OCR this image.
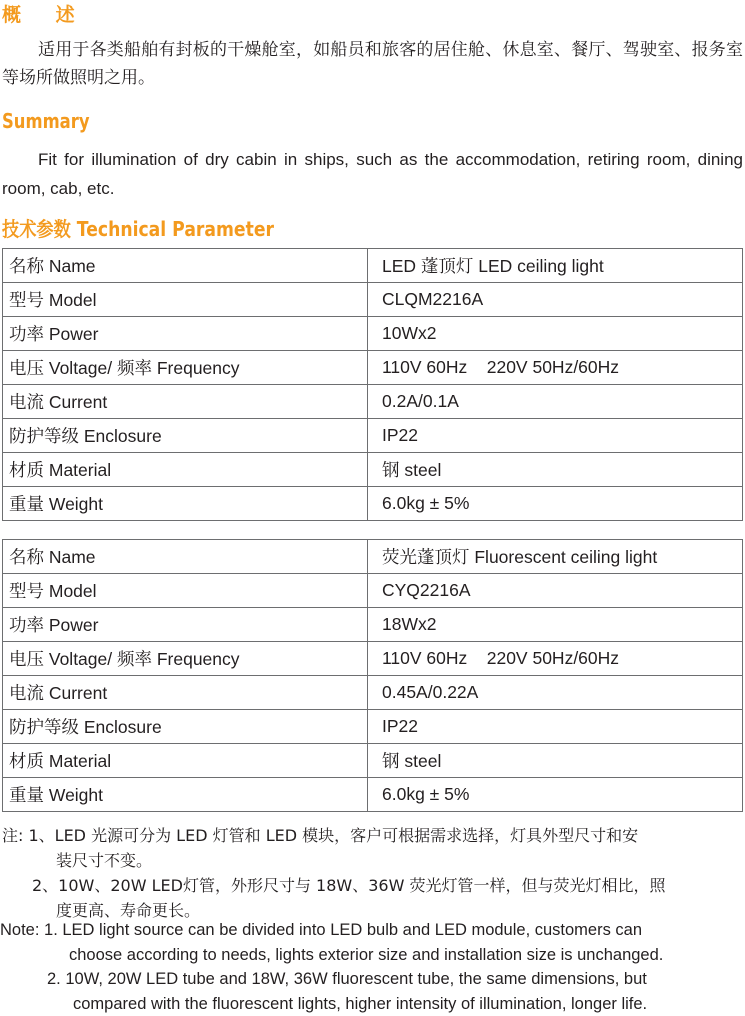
概 述

适用于各类船舶有封板的干燥舱室，如船员和旅客的居住舱、休息室、餐厅、驾驶室、报务室等场所做照明之用。

Summary

Fit for illumination of dry cabin in ships, such as the accommodation, retiring room, dining room, cab, etc.

技术参数 Technical Parameter
名称 Name	LED 蓬顶灯 LED ceiling light
型号 Model	CLQM2216A
功率 Power	10Wx2
电压 Voltage/ 频率 Frequency	110V 60Hz    220V 50Hz/60Hz
电流 Current	0.2A/0.1A
防护等级 Enclosure	IP22
材质 Material	钢 steel
重量 Weight	6.0kg ± 5%
名称 Name	荧光蓬顶灯 Fluorescent ceiling light
型号 Model	CYQ2216A
功率 Power	18Wx2
电压 Voltage/ 频率 Frequency	110V 60Hz    220V 50Hz/60Hz
电流 Current	0.45A/0.22A
防护等级 Enclosure	IP22
材质 Material	钢 steel
重量 Weight	6.0kg ± 5%
注: 1、LED 光源可分为 LED 灯管和 LED 模块，客户可根据需求选择，灯具外型尺寸和安
装尺寸不变。
2、10W、20W LED灯管，外形尺寸与 18W、36W 荧光灯管一样，但与荧光灯相比，照
度更高、寿命更长。
Note: 1. LED light source can be divided into LED bulb and LED module, customers can
choose according to needs, lights exterior size and installation size is unchanged.
2. 10W, 20W LED tube and 18W, 36W fluorescent tube, the same dimensions, but
compared with the fluorescent lights, higher intensity of illumination, longer life.
